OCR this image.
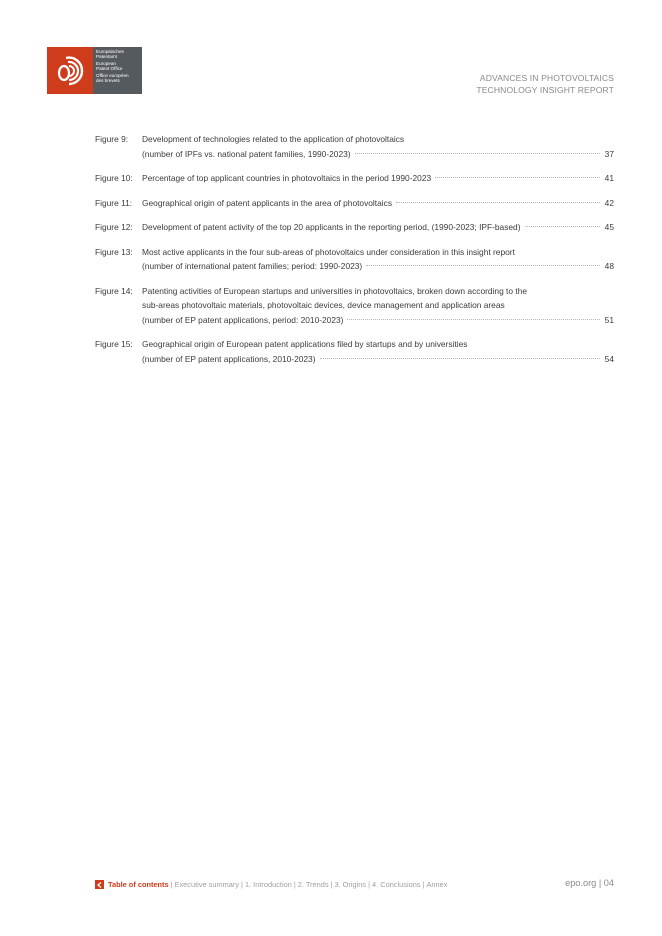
Europäisches
Patentamt
European
Patent Office
Office européen
des brevets	ADVANCES IN PHOTOVOLTAICS
TECHNOLOGY INSIGHT REPORT
Figure 9:	Development of technologies related to the application of photovoltaics
(number of IPFs vs. national patent families, 1990-2023)	37
Figure 10:	Percentage of top applicant countries in photovoltaics in the period 1990-2023	41
Figure 11:	Geographical origin of patent applicants in the area of photovoltaics	42
Figure 12:	Development of patent activity of the top 20 applicants in the reporting period, (1990-2023; IPF-based)	45
Figure 13:	Most active applicants in the four sub-areas of photovoltaics under consideration in this insight report
(number of international patent families; period: 1990-2023)	48
Figure 14:	Patenting activities of European startups and universities in photovoltaics, broken down according to the
sub-areas photovoltaic materials, photovoltaic devices, device management and application areas
(number of EP patent applications, period: 2010-2023)	51
Figure 15:	Geographical origin of European patent applications filed by startups and by universities
(number of EP patent applications, 2010-2023)	54
Table of contents | Executive summary | 1. Introduction | 2. Trends | 3. Origins | 4. Conclusions | Annex	epo.org | 04
